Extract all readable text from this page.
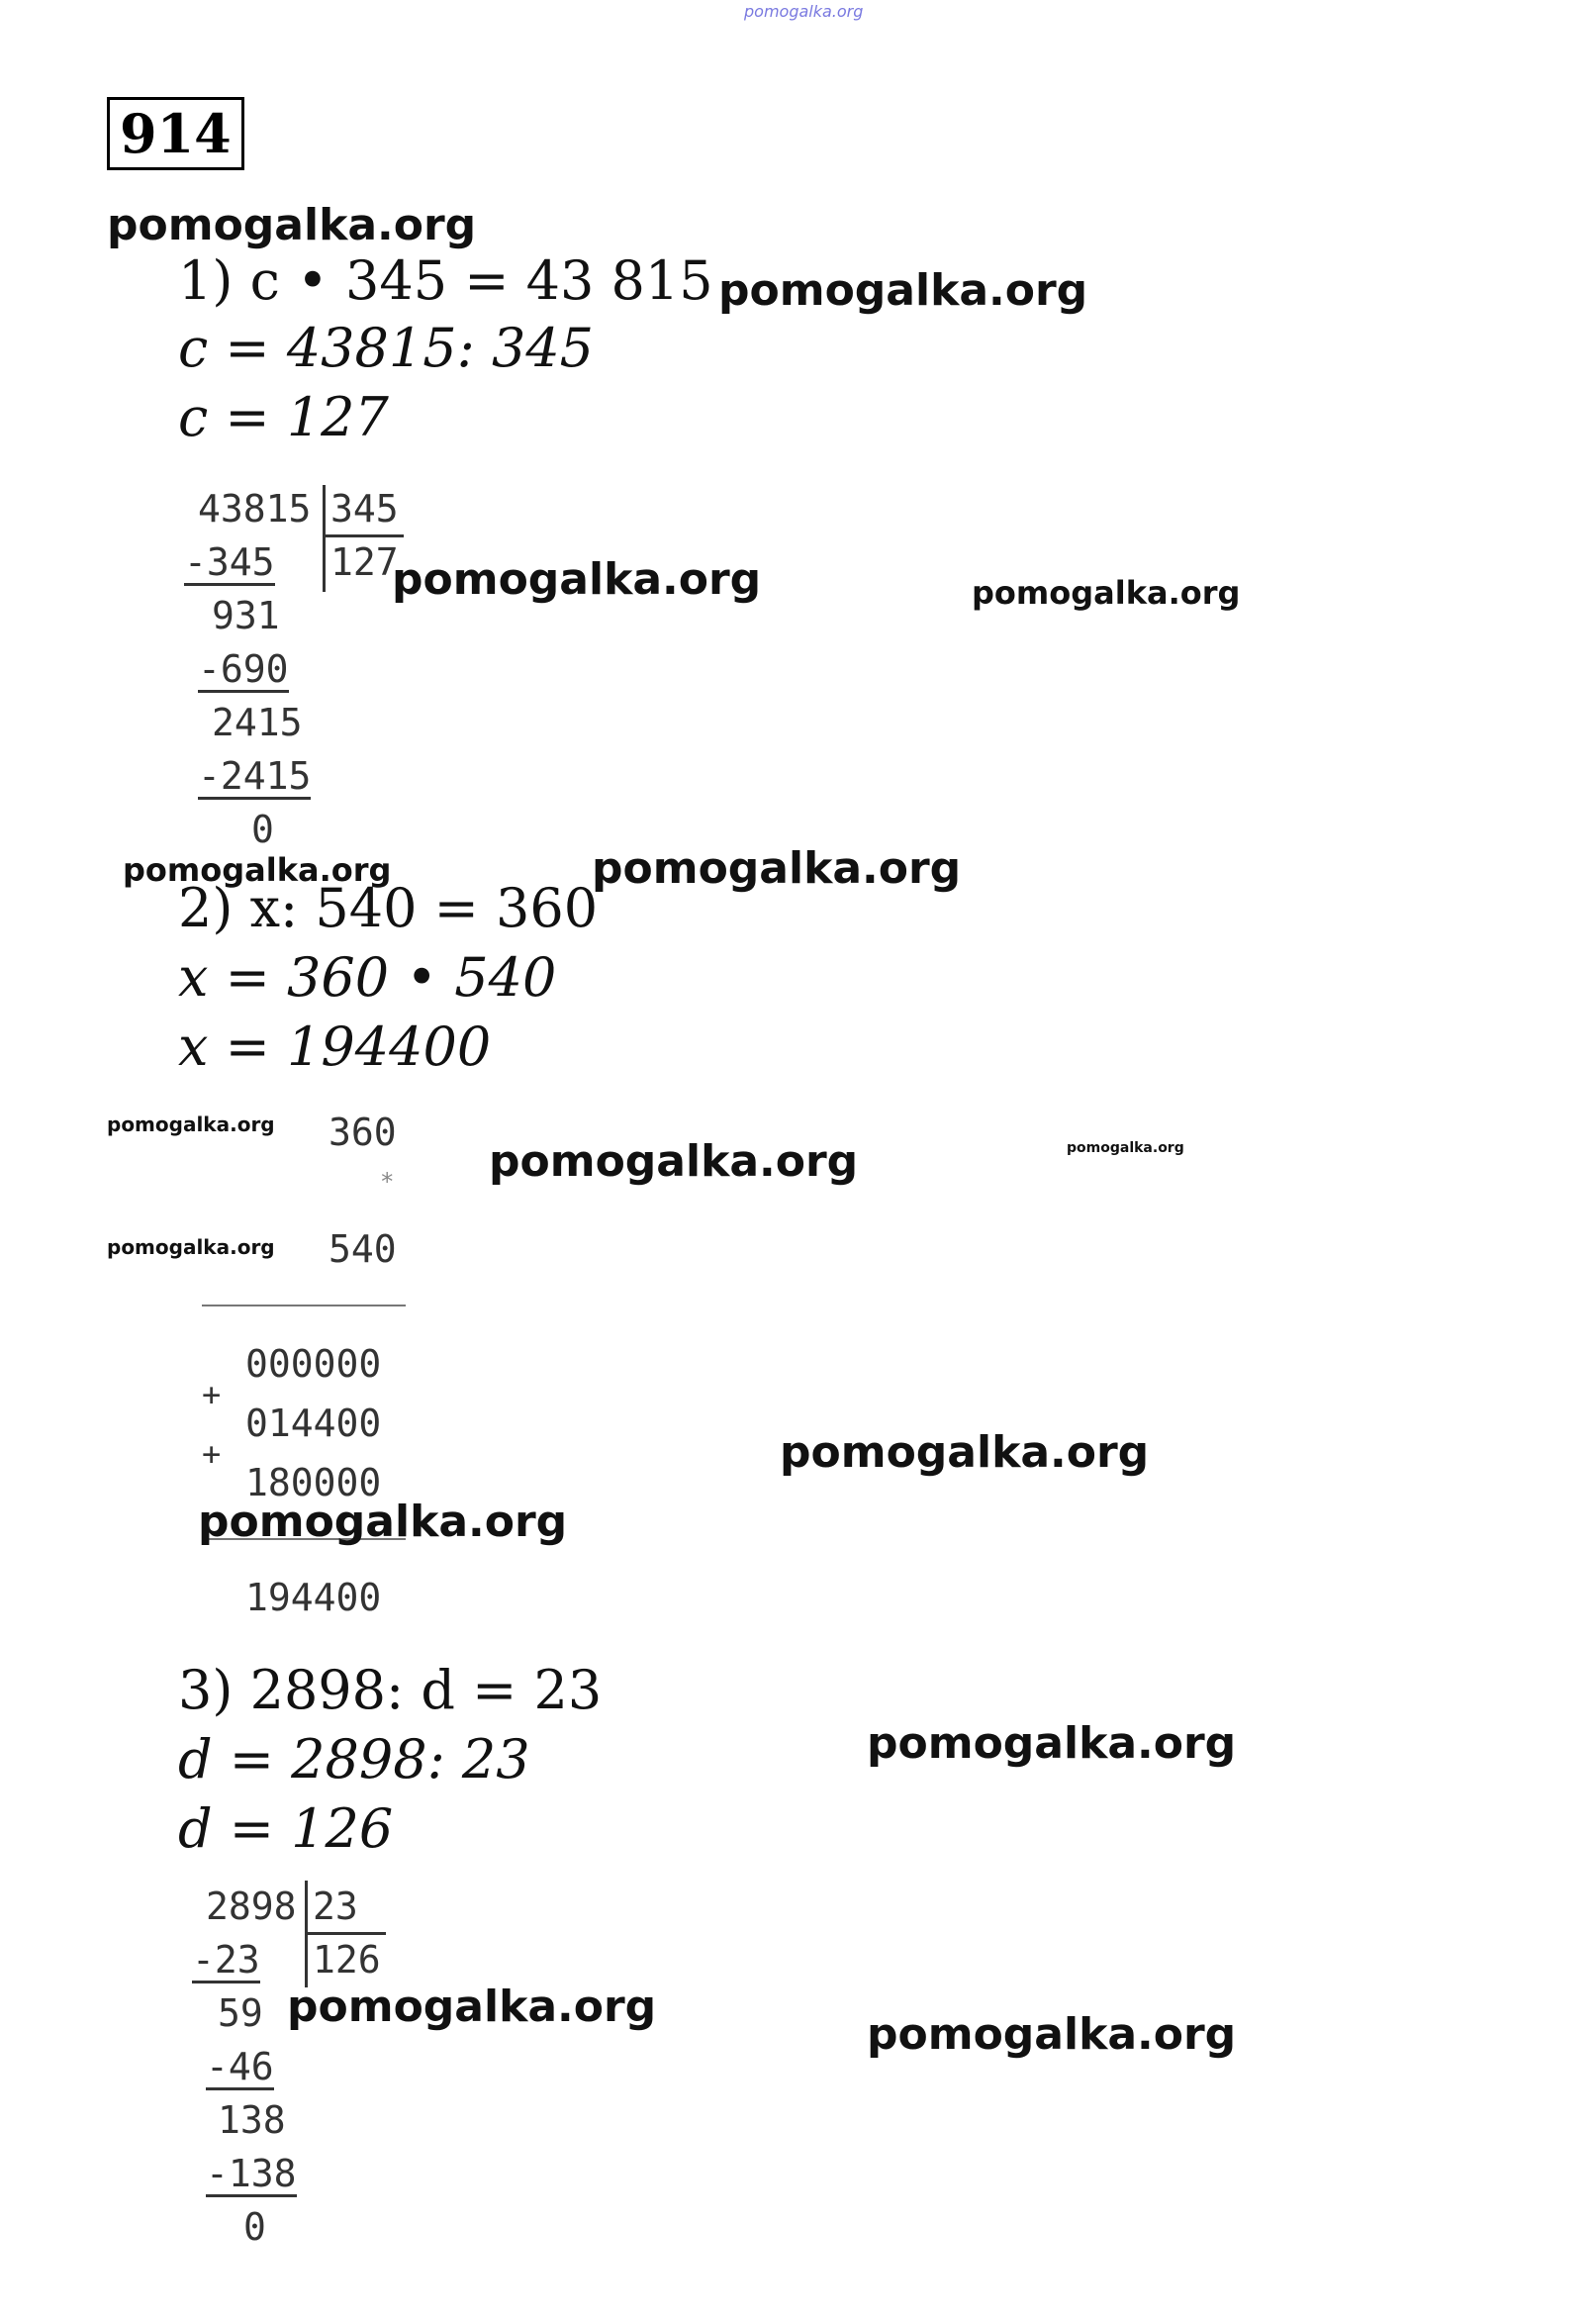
pomogalka.org
914
pomogalka.org
1) c • 345 = 43 815 pomogalka.org
c = 43815: 345
c = 127
43815 345
127
-345
931
-690
2415
-2415
0
pomogalka.org	pomogalka.org
pomogalka.org	pomogalka.org
2) x: 540 = 360
x = 360 • 540
x = 194400
pomogalka.org
pomogalka.org	pomogalka.org
pomogalka.org
360
*
540
000000
+
014400
+
180000
194400
pomogalka.org
pomogalka.org
3) 2898: d = 23
d = 2898: 23
d = 126
pomogalka.org
2898 23
126
-23
59
-46
138
-138
0
pomogalka.org
pomogalka.org
